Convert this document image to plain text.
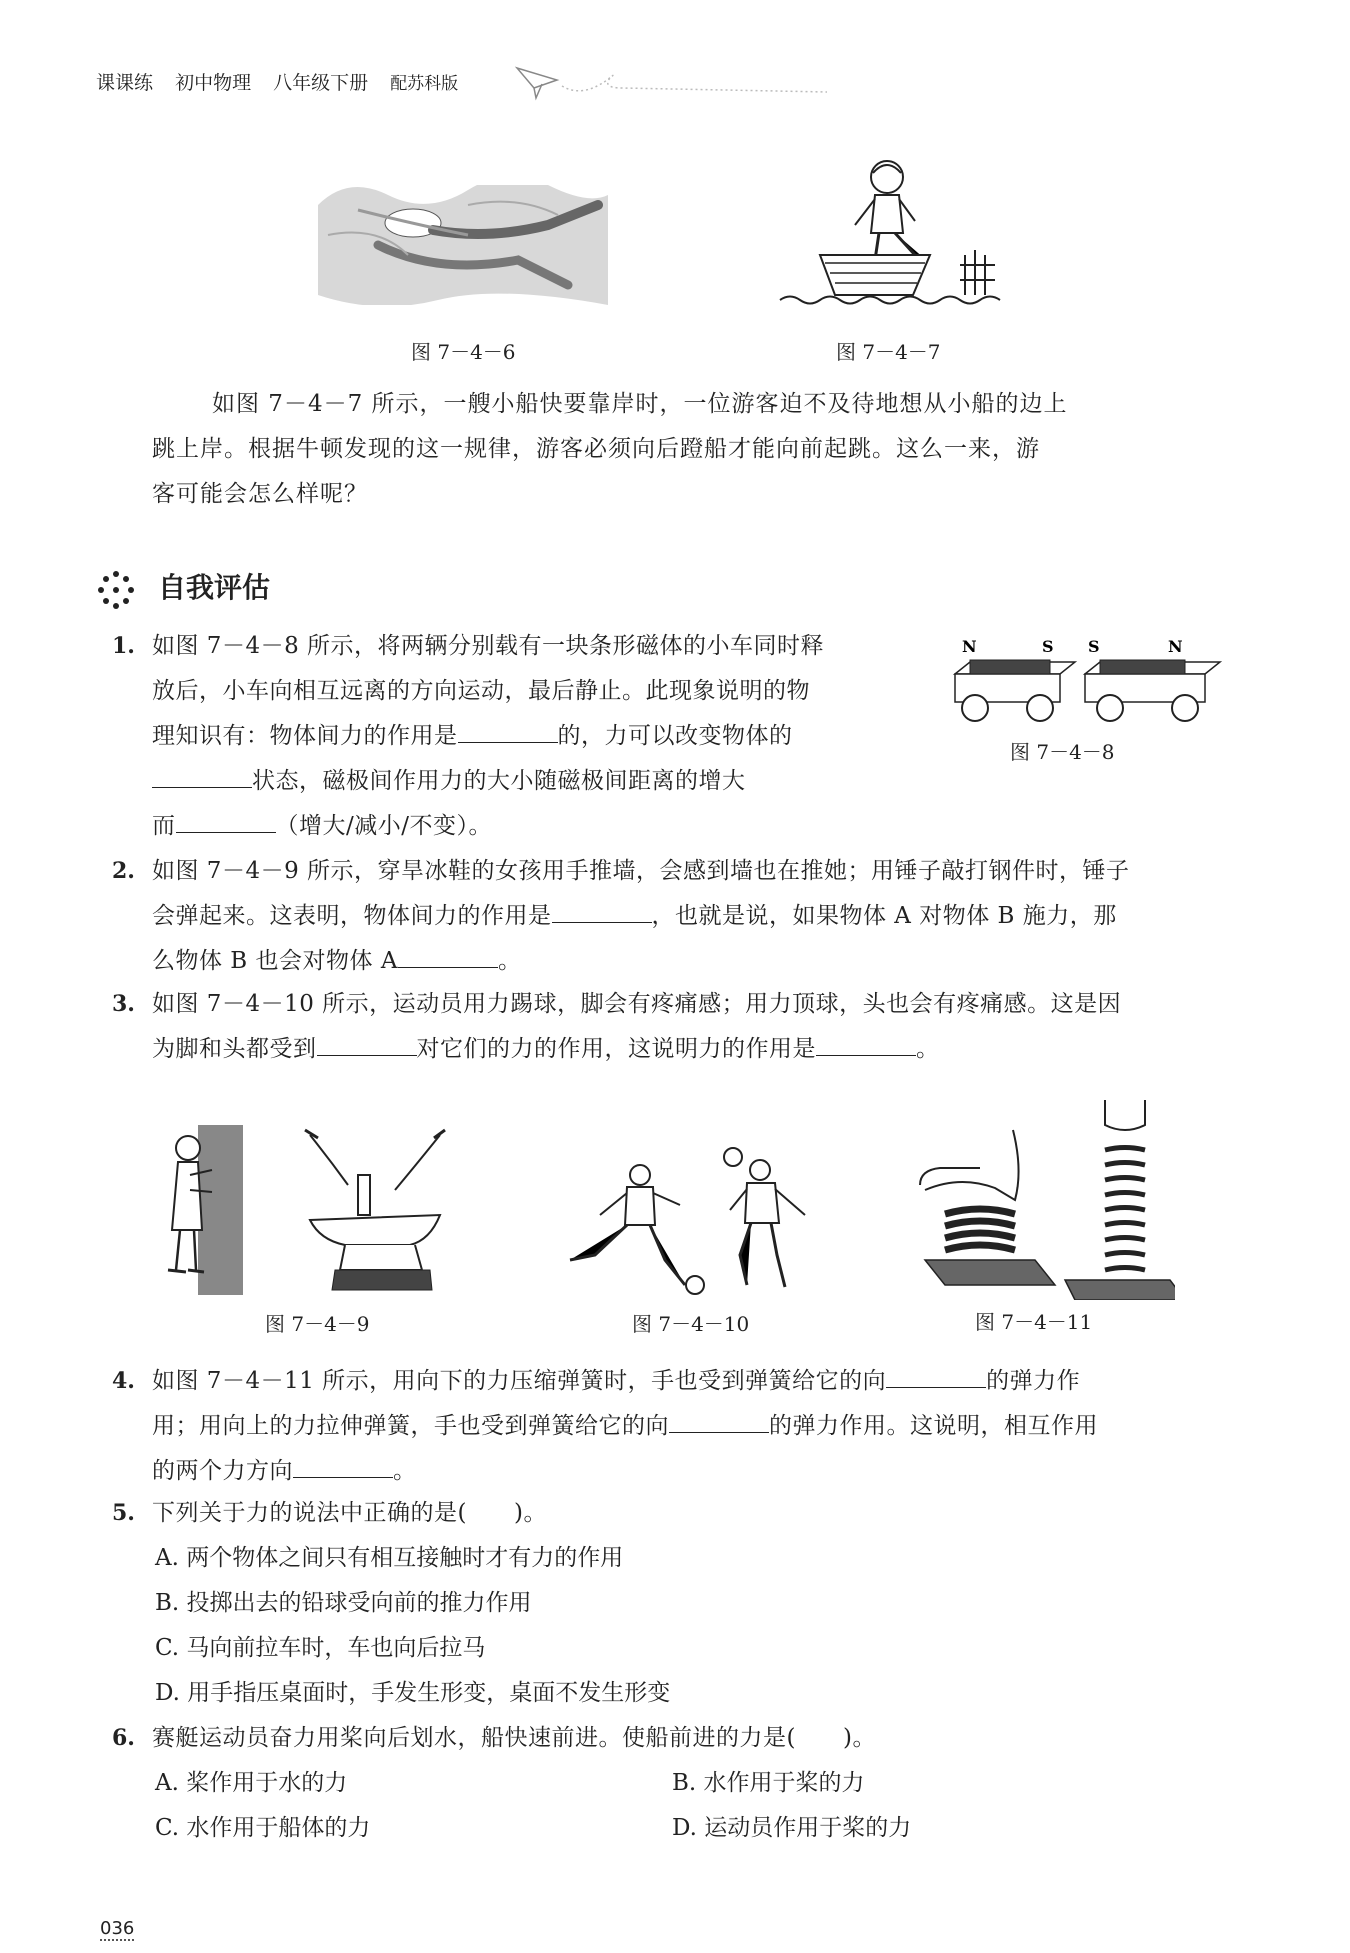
课课练 初中物理 八年级下册 配苏科版
图 7－4－6	图 7－4－7

如图 7－4－7 所示，一艘小船快要靠岸时，一位游客迫不及待地想从小船的边上

跳上岸。根据牛顿发现的这一规律，游客必须向后蹬船才能向前起跳。这么一来，游

客可能会怎么样呢？

自我评估
1. 如图 7－4－8 所示，将两辆分别载有一块条形磁体的小车同时释
放后，小车向相互远离的方向运动，最后静止。此现象说明的物
理知识有：物体间力的作用是	的，力可以改变物体的
状态，磁极间作用力的大小随磁极间距离的增大
而	（增大/减小/不变）。
N	S S	N
图 7－4－8
2. 如图 7－4－9 所示，穿旱冰鞋的女孩用手推墙，会感到墙也在推她；用锤子敲打钢件时，锤子
会弹起来。这表明，物体间力的作用是	，也就是说，如果物体 A 对物体 B 施力，那
么物体 B 也会对物体 A	。
3. 如图 7－4－10 所示，运动员用力踢球，脚会有疼痛感；用力顶球，头也会有疼痛感。这是因
为脚和头都受到	对它们的力的作用，这说明力的作用是	。
图 7－4－9	图 7－4－10	图 7－4－11
4. 如图 7－4－11 所示，用向下的力压缩弹簧时，手也受到弹簧给它的向	的弹力作
用；用向上的力拉伸弹簧，手也受到弹簧给它的向	的弹力作用。这说明，相互作用
的两个力方向	。
5. 下列关于力的说法中正确的是(　　)。
A. 两个物体之间只有相互接触时才有力的作用
B. 投掷出去的铅球受向前的推力作用
C. 马向前拉车时，车也向后拉马
D. 用手指压桌面时，手发生形变，桌面不发生形变
6. 赛艇运动员奋力用桨向后划水，船快速前进。使船前进的力是(　　)。
A. 桨作用于水的力	B. 水作用于桨的力
C. 水作用于船体的力	D. 运动员作用于桨的力
036
